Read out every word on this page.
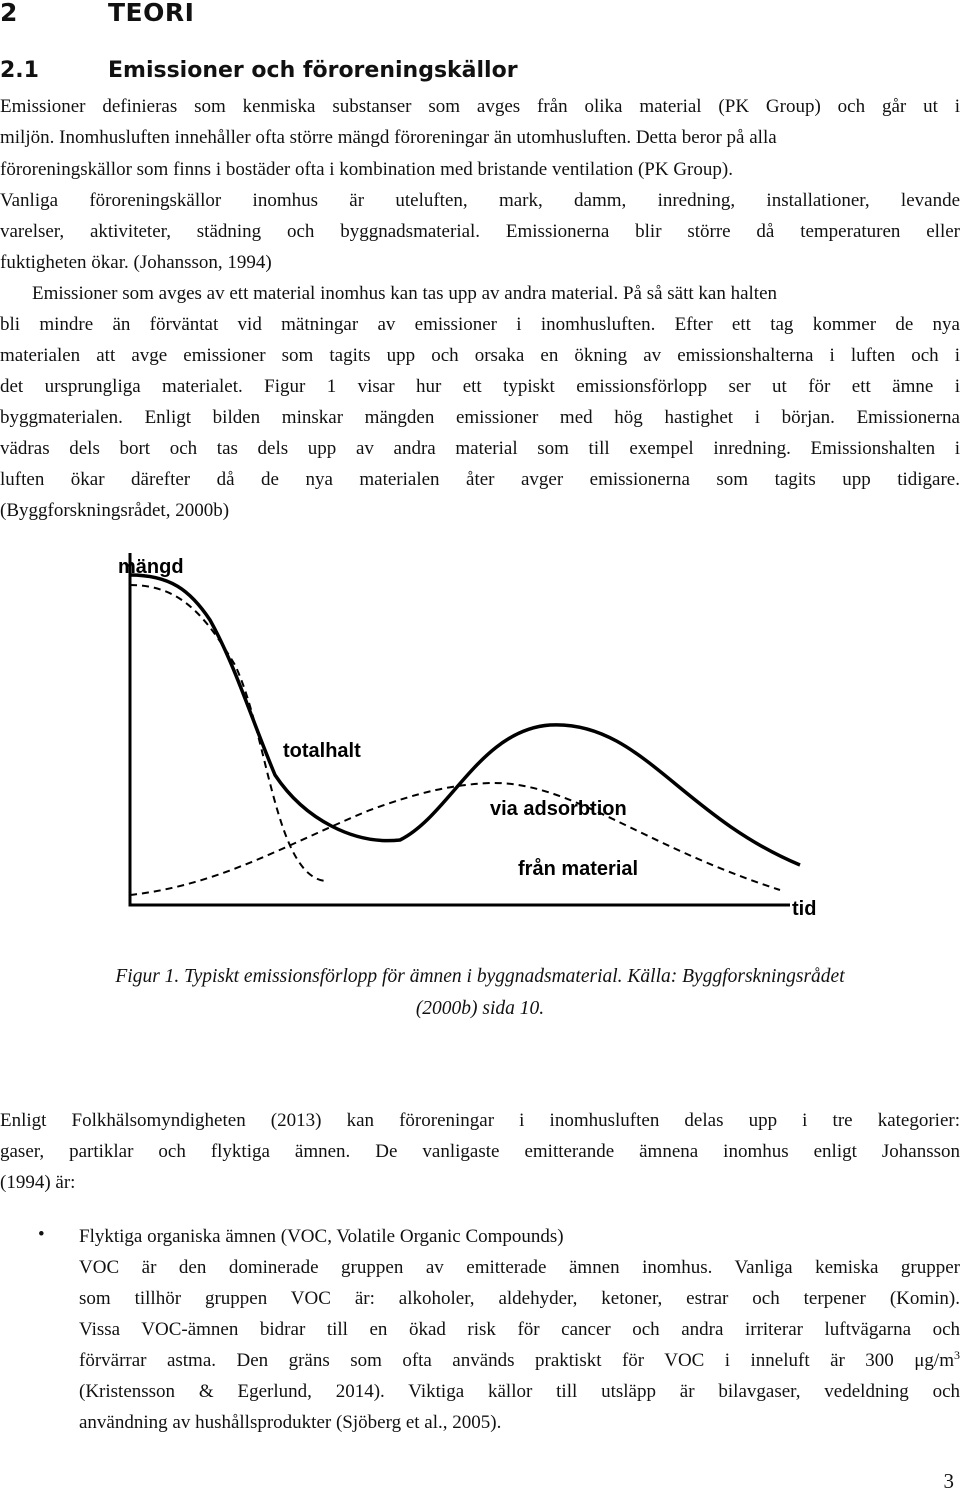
2	TEORI
2.1	Emissioner och föroreningskällor
Emissioner definieras som kenmiska substanser som avges från olika material (PK Group) och går ut i
miljön. Inomhusluften innehåller ofta större mängd föroreningar än utomhusluften. Detta beror på alla
föroreningskällor som finns i bostäder ofta i kombination med bristande ventilation (PK Group).
Vanliga föroreningskällor inomhus är uteluften, mark, damm, inredning, installationer, levande
varelser, aktiviteter, städning och byggnadsmaterial. Emissionerna blir större då temperaturen eller
fuktigheten ökar. (Johansson, 1994)
Emissioner som avges av ett material inomhus kan tas upp av andra material. På så sätt kan halten
bli mindre än förväntat vid mätningar av emissioner i inomhusluften. Efter ett tag kommer de nya
materialen att avge emissioner som tagits upp och orsaka en ökning av emissionshalterna i luften och i
det ursprungliga materialet. Figur 1 visar hur ett typiskt emissionsförlopp ser ut för ett ämne i
byggmaterialen. Enligt bilden minskar mängden emissioner med hög hastighet i början. Emissionerna
vädras dels bort och tas dels upp av andra material som till exempel inredning. Emissionshalten i
luften ökar därefter då de nya materialen åter avger emissionerna som tagits upp tidigare.
(Byggforskningsrådet, 2000b)
mängd
totalhalt
via adsorbtion
från material
tid
Figur 1. Typiskt emissionsförlopp för ämnen i byggnadsmaterial. Källa: Byggforskningsrådet
(2000b) sida 10.
Enligt Folkhälsomyndigheten (2013) kan föroreningar i inomhusluften delas upp i tre kategorier:
gaser, partiklar och flyktiga ämnen. De vanligaste emitterande ämnena inomhus enligt Johansson
(1994) är:
• Flyktiga organiska ämnen (VOC, Volatile Organic Compounds)
VOC är den dominerade gruppen av emitterade ämnen inomhus. Vanliga kemiska grupper
som tillhör gruppen VOC är: alkoholer, aldehyder, ketoner, estrar och terpener (Komin).
Vissa VOC-ämnen bidrar till en ökad risk för cancer och andra irriterar luftvägarna och
förvärrar astma. Den gräns som ofta används praktiskt för VOC i inneluft är 300 $\mu g/m^3$
(Kristensson & Egerlund, 2014). Viktiga källor till utsläpp är bilavgaser, vedeldning och
användning av hushållsprodukter (Sjöberg et al., 2005).
3
